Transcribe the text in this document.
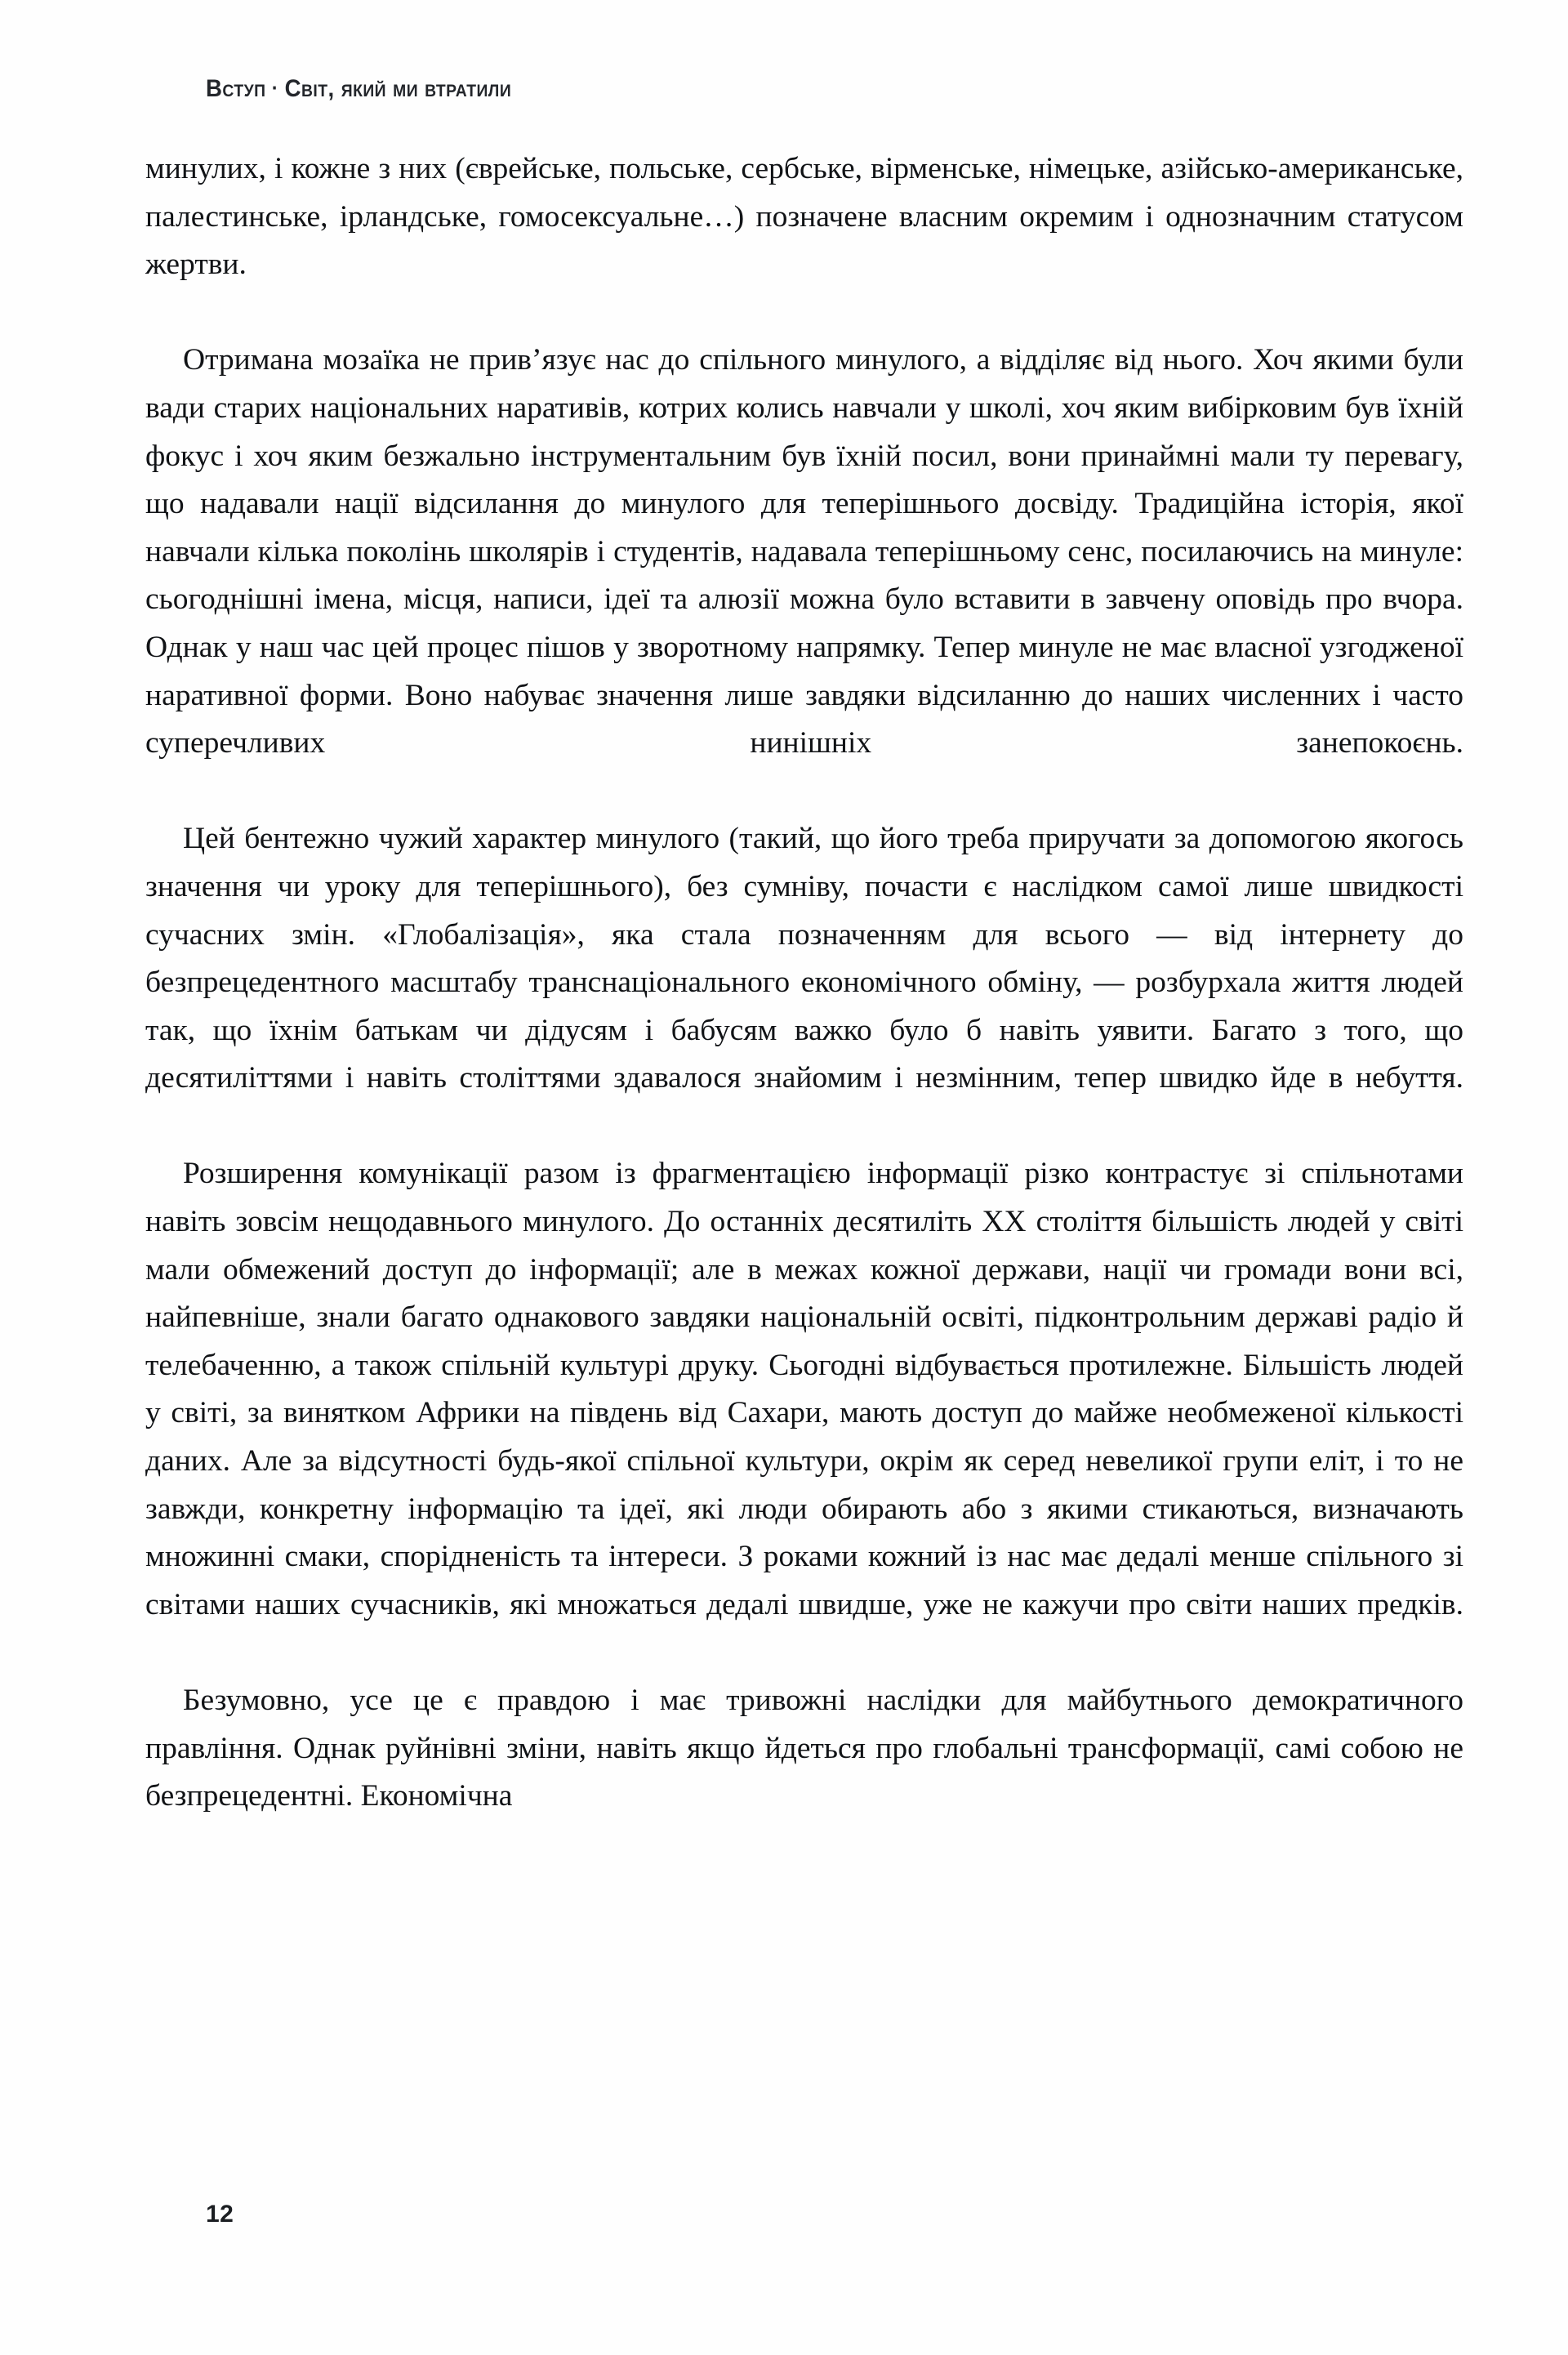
Вступ · Світ, який ми втратили

минулих, і кожне з них (єврейське, польське, сербське, вірменське, німецьке, азійсько-американське, палестинське, ірландське, гомосексуальне…) позначене власним окремим і однозначним статусом жертви.

Отримана мозаїка не прив’язує нас до спільного минулого, а відділяє від нього. Хоч якими були вади старих національних наративів, котрих колись навчали у школі, хоч яким вибірковим був їхній фокус і хоч яким безжально інструментальним був їхній посил, вони принаймні мали ту перевагу, що надавали нації відсилання до минулого для теперішнього досвіду. Традиційна історія, якої навчали кілька поколінь школярів і студентів, надавала теперішньому сенс, посилаючись на минуле: сьогоднішні імена, місця, написи, ідеї та алюзії можна було вставити в завчену оповідь про вчора. Однак у наш час цей процес пішов у зворотному напрямку. Тепер минуле не має власної узгодженої наративної форми. Воно набуває значення лише завдяки відсиланню до наших численних і часто суперечливих нинішніх занепокоєнь.

Цей бентежно чужий характер минулого (такий, що його треба приручати за допомогою якогось значення чи уроку для теперішнього), без сумніву, почасти є наслідком самої лише швидкості сучасних змін. «Глобалізація», яка стала позначенням для всього — від інтернету до безпрецедентного масштабу транснаціонального економічного обміну, — розбурхала життя людей так, що їхнім батькам чи дідусям і бабусям важко було б навіть уявити. Багато з того, що десятиліттями і навіть століттями здавалося знайомим і незмінним, тепер швидко йде в небуття.

Розширення комунікації разом із фрагментацією інформації різко контрастує зі спільнотами навіть зовсім нещодавнього минулого. До останніх десятиліть XX століття більшість людей у світі мали обмежений доступ до інформації; але в межах кожної держави, нації чи громади вони всі, найпевніше, знали багато однакового завдяки національній освіті, підконтрольним державі радіо й телебаченню, а також спільній культурі друку. Сьогодні відбувається протилежне. Більшість людей у світі, за винятком Африки на південь від Сахари, мають доступ до майже необмеженої кількості даних. Але за відсутності будь-якої спільної культури, окрім як серед невеликої групи еліт, і то не завжди, конкретну інформацію та ідеї, які люди обирають або з якими стикаються, визначають множинні смаки, спорідненість та інтереси. З роками кожний із нас має дедалі менше спільного зі світами наших сучасників, які множаться дедалі швидше, уже не кажучи про світи наших предків.

Безумовно, усе це є правдою і має тривожні наслідки для майбутнього демократичного правління. Однак руйнівні зміни, навіть якщо йдеться про глобальні трансформації, самі собою не безпрецедентні. Економічна

12
